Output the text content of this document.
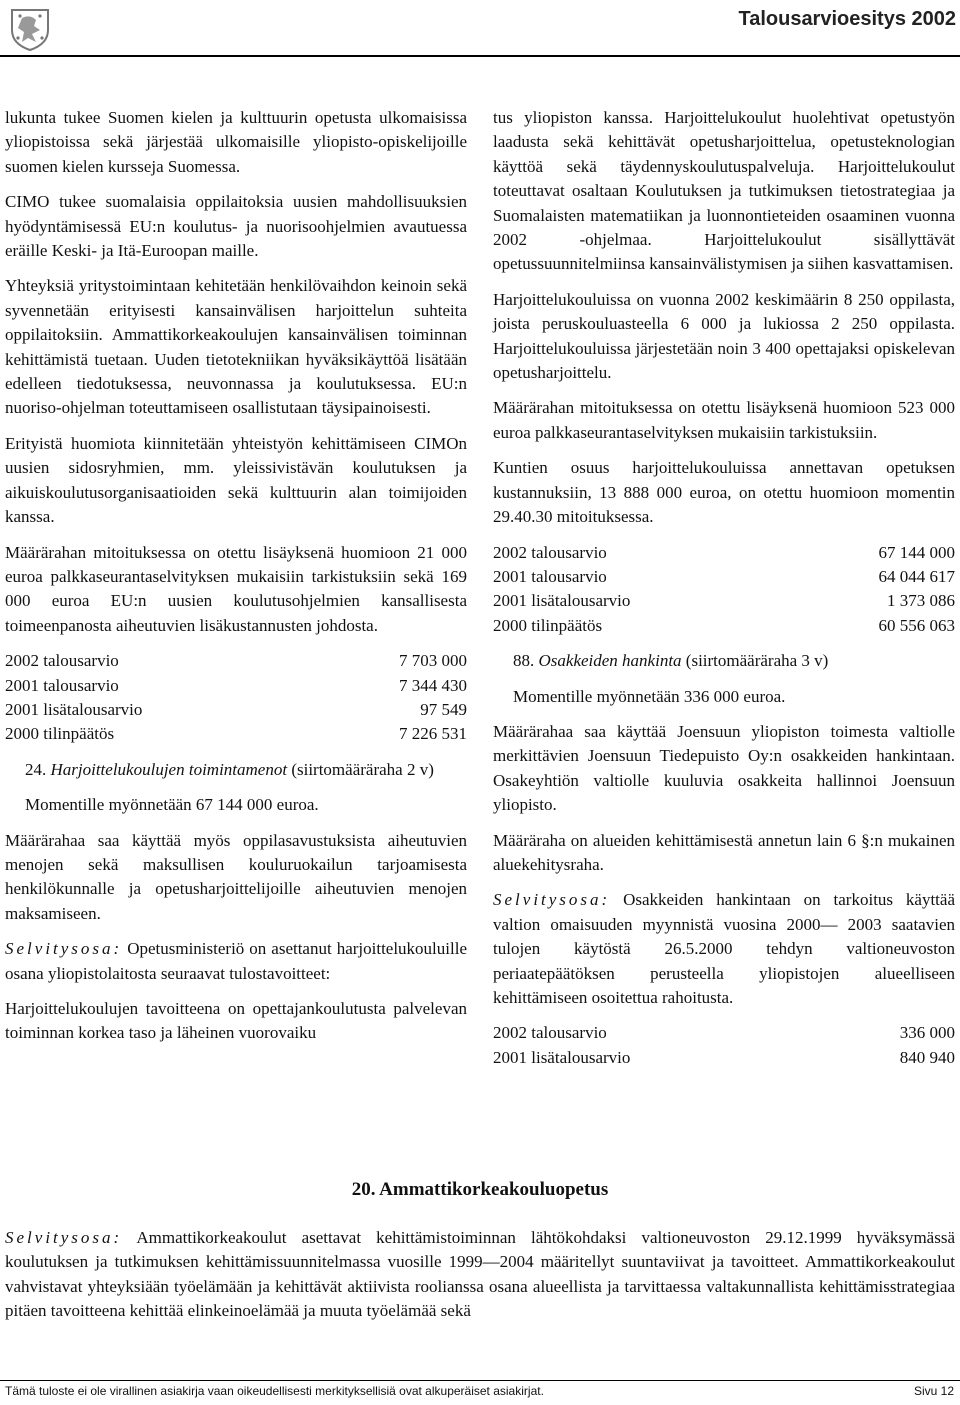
Talousarvioesitys 2002

lukunta tukee Suomen kielen ja kulttuurin opetusta ulkomaisissa yliopistoissa sekä järjestää ulkomaisille yliopisto-opiskelijoille suomen kielen kursseja Suomessa.

CIMO tukee suomalaisia oppilaitoksia uusien mahdollisuuksien hyödyntämisessä EU:n koulutus- ja nuorisoohjelmien avautuessa eräille Keski- ja Itä-Euroopan maille.

Yhteyksiä yritystoimintaan kehitetään henkilövaihdon keinoin sekä syvennetään erityisesti kansainvälisen harjoittelun suhteita oppilaitoksiin. Ammattikorkeakoulujen kansainvälisen toiminnan kehittämistä tuetaan. Uuden tietotekniikan hyväksikäyttöä lisätään edelleen tiedotuksessa, neuvonnassa ja koulutuksessa. EU:n nuoriso-ohjelman toteuttamiseen osallistutaan täysipainoisesti.

Erityistä huomiota kiinnitetään yhteistyön kehittämiseen CIMOn uusien sidosryhmien, mm. yleissivistävän koulutuksen ja aikuiskoulutusorganisaatioiden sekä kulttuurin alan toimijoiden kanssa.

Määrärahan mitoituksessa on otettu lisäyksenä huomioon 21 000 euroa palkkaseurantaselvityksen mukaisiin tarkistuksiin sekä 169 000 euroa EU:n uusien koulutusohjelmien kansallisesta toimeenpanosta aiheutuvien lisäkustannusten johdosta.

2002 talousarvio	7 703 000
2001 talousarvio	7 344 430
2001 lisätalousarvio	97 549
2000 tilinpäätös	7 226 531

24. Harjoittelukoulujen toimintamenot (siirtomääräraha 2 v)

Momentille myönnetään 67 144 000 euroa.

Määrärahaa saa käyttää myös oppilasavustuksista aiheutuvien menojen sekä maksullisen kouluruokailun tarjoamisesta henkilökunnalle ja opetusharjoittelijoille aiheutuvien menojen maksamiseen.

Selvitysosa: Opetusministeriö on asettanut harjoittelukouluille osana yliopistolaitosta seuraavat tulostavoitteet:

Harjoittelukoulujen tavoitteena on opettajankoulutusta palvelevan toiminnan korkea taso ja läheinen vuorovaiku

tus yliopiston kanssa. Harjoittelukoulut huolehtivat opetustyön laadusta sekä kehittävät opetusharjoittelua, opetusteknologian käyttöä sekä täydennyskoulutuspalveluja. Harjoittelukoulut toteuttavat osaltaan Koulutuksen ja tutkimuksen tietostrategiaa ja Suomalaisten matematiikan ja luonnontieteiden osaaminen vuonna 2002 -ohjelmaa. Harjoittelukoulut sisällyttävät opetussuunnitelmiinsa kansainvälistymisen ja siihen kasvattamisen.

Harjoittelukouluissa on vuonna 2002 keskimäärin 8 250 oppilasta, joista peruskouluasteella 6 000 ja lukiossa 2 250 oppilasta. Harjoittelukouluissa järjestetään noin 3 400 opettajaksi opiskelevan opetusharjoittelu.

Määrärahan mitoituksessa on otettu lisäyksenä huomioon 523 000 euroa palkkaseurantaselvityksen mukaisiin tarkistuksiin.

Kuntien osuus harjoittelukouluissa annettavan opetuksen kustannuksiin, 13 888 000 euroa, on otettu huomioon momentin 29.40.30 mitoituksessa.

2002 talousarvio	67 144 000
2001 talousarvio	64 044 617
2001 lisätalousarvio	1 373 086
2000 tilinpäätös	60 556 063

88. Osakkeiden hankinta (siirtomääräraha 3 v)

Momentille myönnetään 336 000 euroa.

Määrärahaa saa käyttää Joensuun yliopiston toimesta valtiolle merkittävien Joensuun Tiedepuisto Oy:n osakkeiden hankintaan. Osakeyhtiön valtiolle kuuluvia osakkeita hallinnoi Joensuun yliopisto.

Määräraha on alueiden kehittämisestä annetun lain 6 §:n mukainen aluekehitysraha.

Selvitysosa: Osakkeiden hankintaan on tarkoitus käyttää valtion omaisuuden myynnistä vuosina 2000— 2003 saatavien tulojen käytöstä 26.5.2000 tehdyn valtioneuvoston periaatepäätöksen perusteella yliopistojen alueelliseen kehittämiseen osoitettua rahoitusta.

2002 talousarvio	336 000
2001 lisätalousarvio	840 940
20. Ammattikorkeakouluopetus

Selvitysosa: Ammattikorkeakoulut asettavat kehittämistoiminnan lähtökohdaksi valtioneuvoston 29.12.1999 hyväksymässä koulutuksen ja tutkimuksen kehittämissuunnitelmassa vuosille 1999—2004 määritellyt suuntaviivat ja tavoitteet. Ammattikorkeakoulut vahvistavat yhteyksiään työelämään ja kehittävät aktiivista roolianssa osana alueellista ja tarvittaessa valtakunnallista kehittämisstrategiaa pitäen tavoitteena kehittää elinkeinoelämää ja muuta työelämää sekä

Tämä tuloste ei ole virallinen asiakirja vaan oikeudellisesti merkityksellisiä ovat alkuperäiset asiakirjat.	Sivu 12
